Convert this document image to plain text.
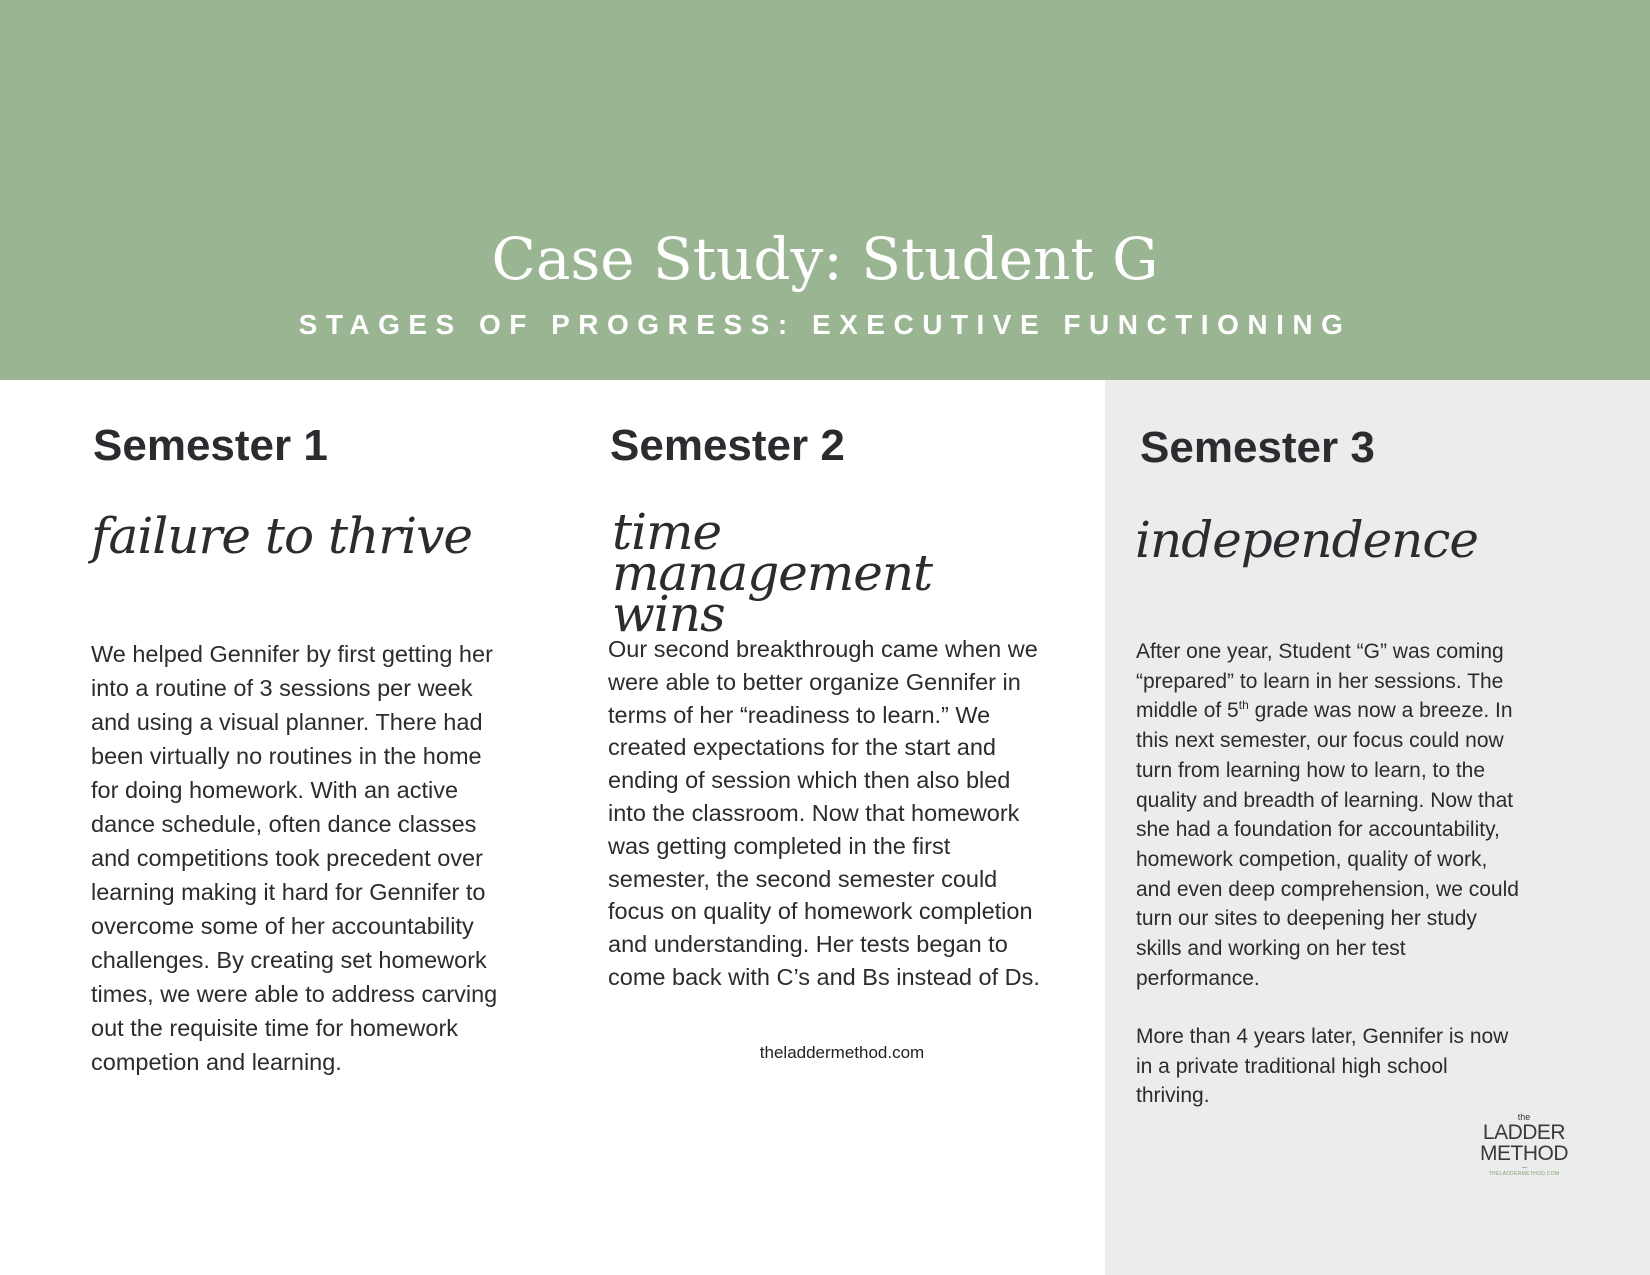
Case Study: Student G
STAGES OF PROGRESS: EXECUTIVE FUNCTIONING
Semester 1
failure to thrive
We helped Gennifer by first getting her
into a routine of 3 sessions per week
and using a visual planner. There had
been virtually no routines in the home
for doing homework. With an active
dance schedule, often dance classes
and competitions took precedent over
learning making it hard for Gennifer to
overcome some of her accountability
challenges. By creating set homework
times, we were able to address carving
out the requisite time for homework
competion and learning.
Semester 2
time management wins
Our second breakthrough came when we
were able to better organize Gennifer in
terms of her “readiness to learn.” We
created expectations for the start and
ending of session which then also bled
into the classroom. Now that homework
was getting completed in the first
semester, the second semester could
focus on quality of homework completion
and understanding. Her tests began to
come back with C’s and Bs instead of Ds.
theladdermethod.com
Semester 3
independence
After one year, Student “G” was coming
“prepared” to learn in her sessions. The
middle of 5th grade was now a breeze. In
this next semester, our focus could now
turn from learning how to learn, to the
quality and breadth of learning. Now that
she had a foundation for accountability,
homework competion, quality of work,
and even deep comprehension, we could
turn our sites to deepening her study
skills and working on her test
performance.
More than 4 years later, Gennifer is now
in a private traditional high school
thriving.
the
LADDER
METHOD
THELADDERMETHOD.COM
